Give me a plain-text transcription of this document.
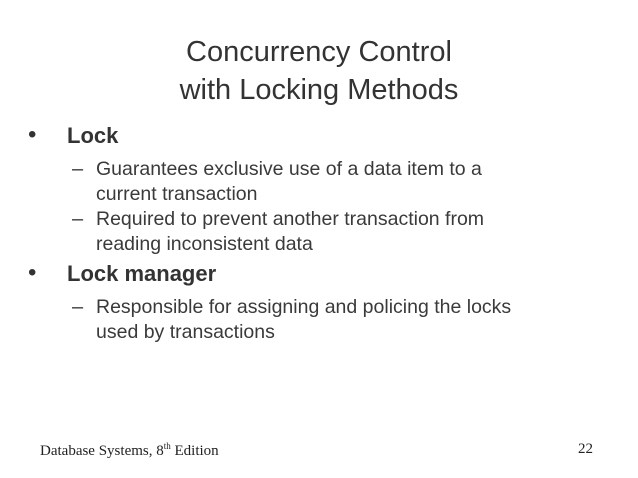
Concurrency Control
with Locking Methods
• Lock
– Guarantees exclusive use of a data item to a
current transaction
– Required to prevent another transaction from
reading inconsistent data
• Lock manager
– Responsible for assigning and policing the locks
used by transactions
Database Systems, 8th Edition	22
